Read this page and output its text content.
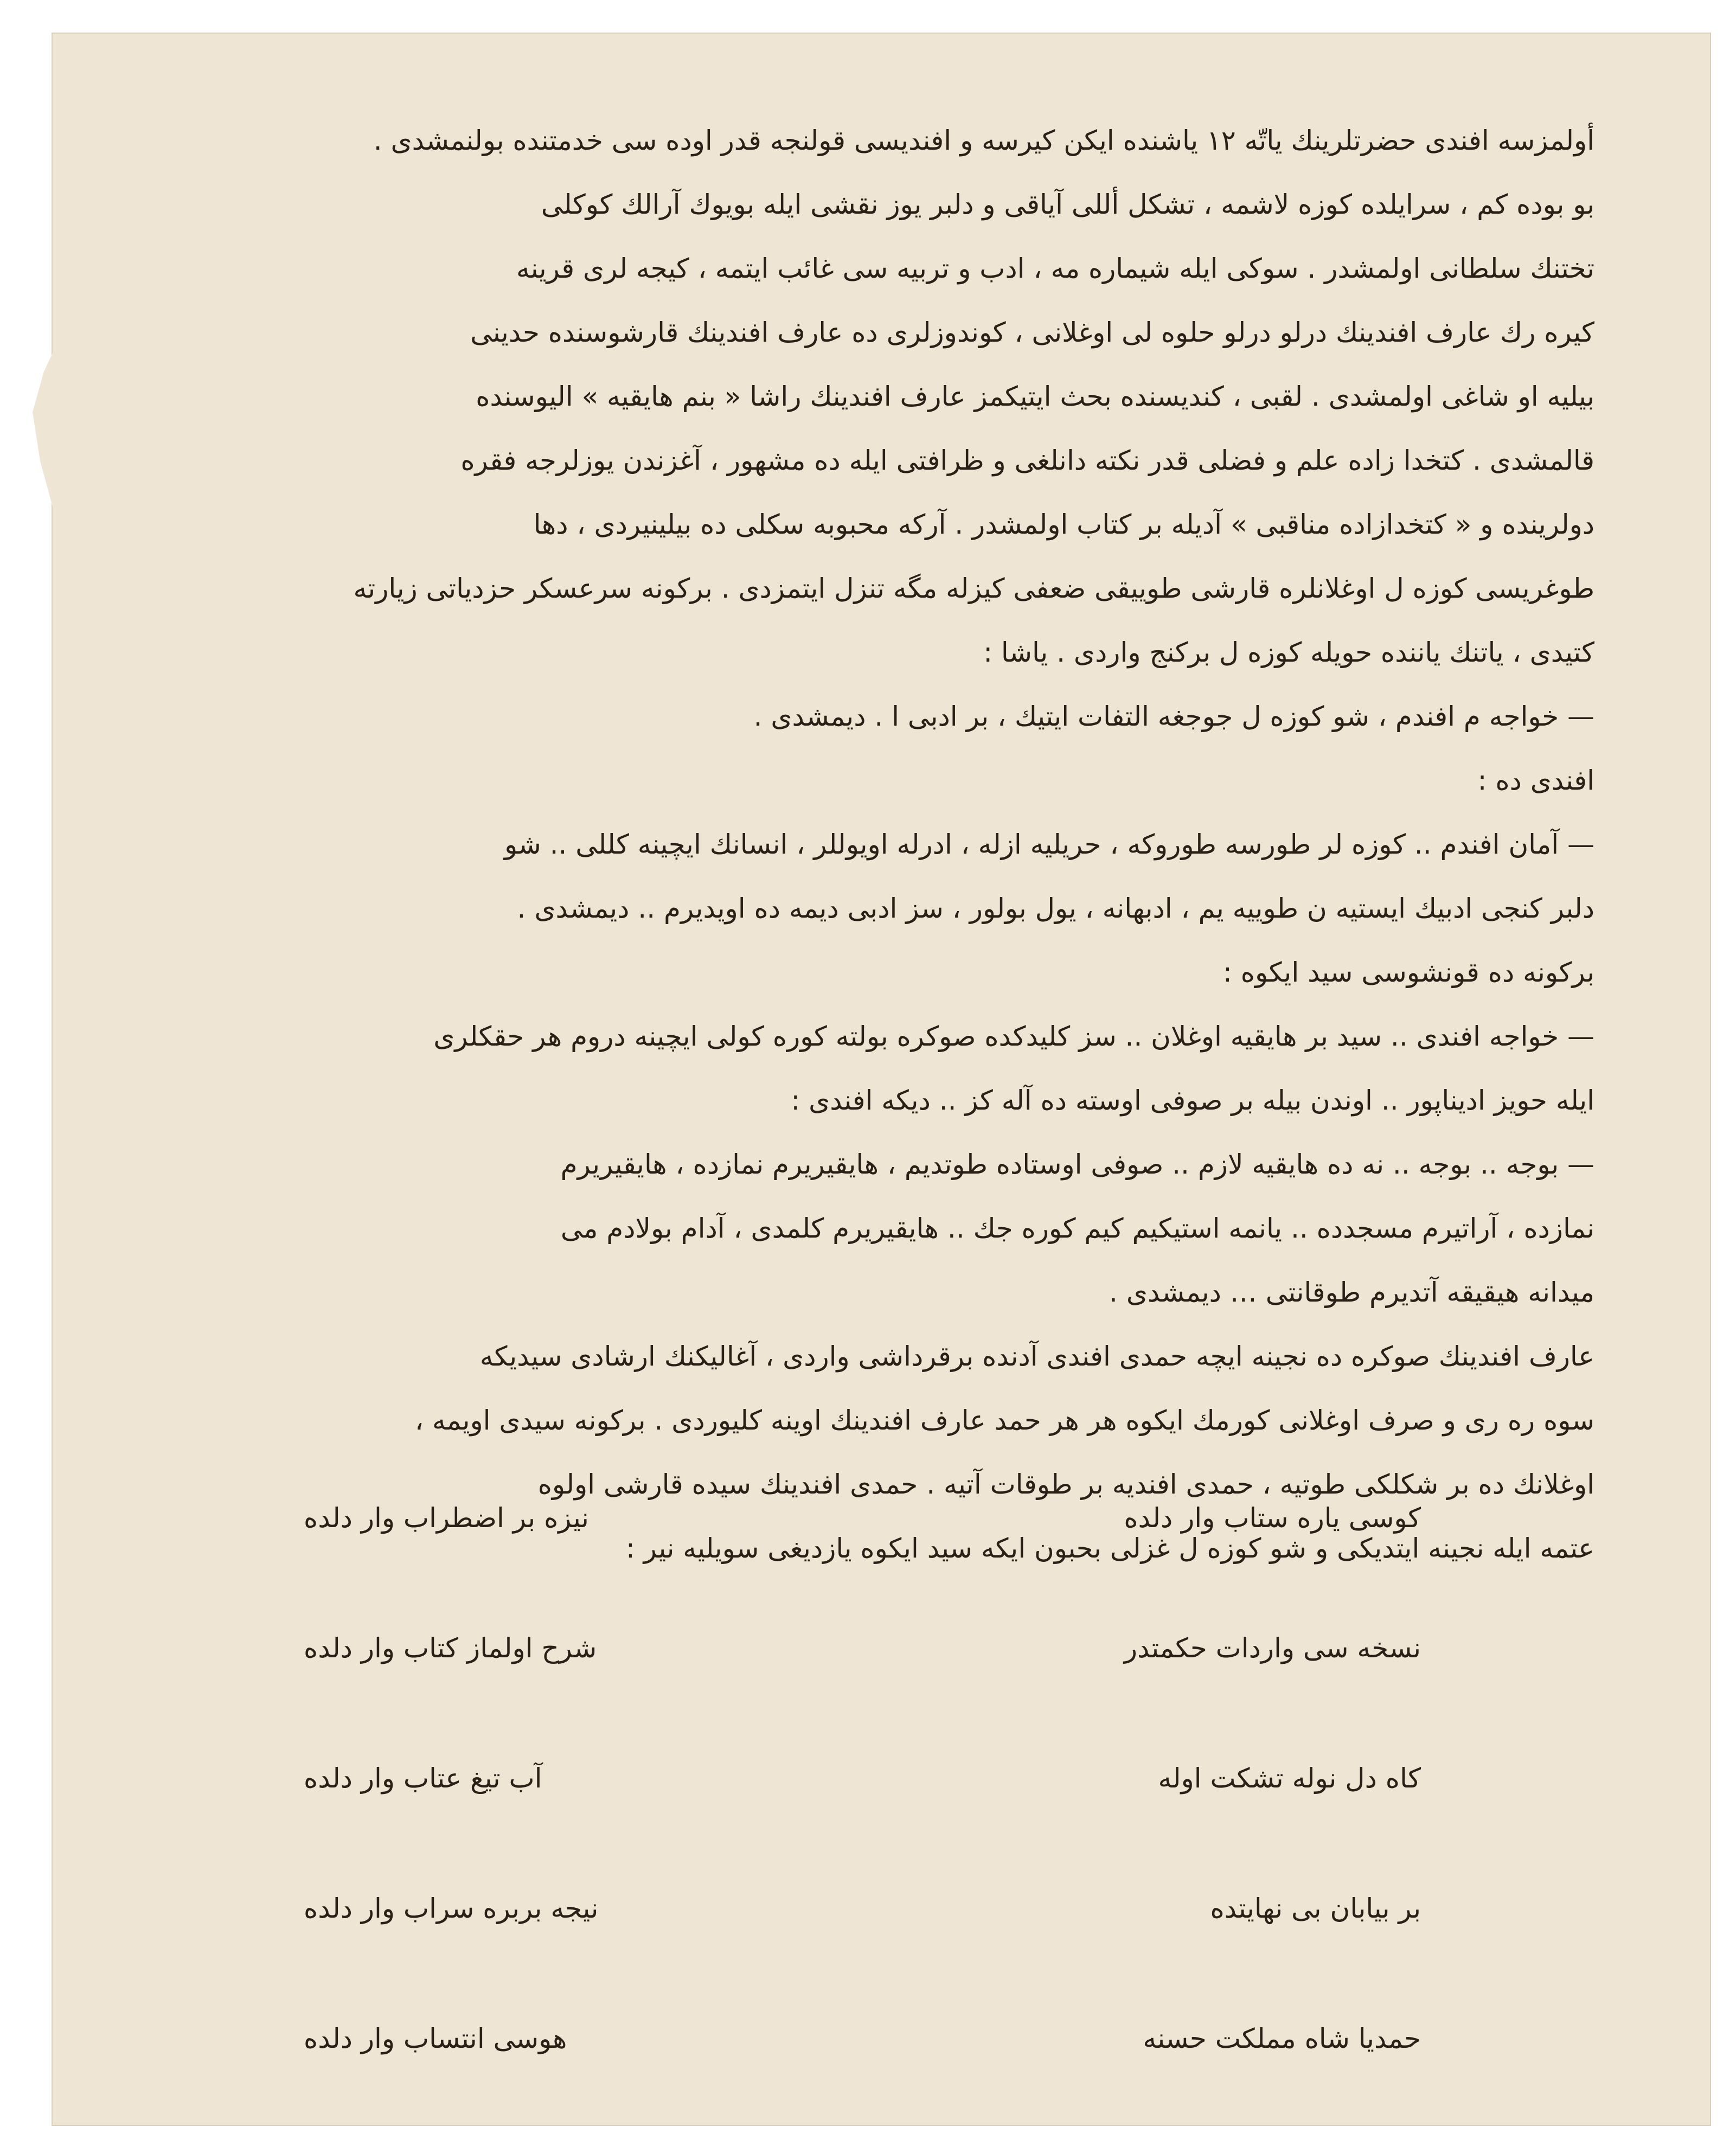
أولمزسه افندی حضرتلرینك یاتّه ١٢ یاشنده ایکن کیرسه و افندیسی قولنجه قدر اوده سی خدمتنده بولنمشدی .
بو بوده کم ، سرایلده کوزه لاشمه ، تشکل أللی آیاقی و دلبر یوز نقشی ایله بویوك آرالك کوکلی
تختنك سلطانی اولمشدر . سوکی ایله شیماره مه ، ادب و تربیه سی غائب ایتمه ، کیجه لری قرینه
کیره رك عارف افندینك درلو درلو حلوه لی اوغلانی ، کوندوزلری ده عارف افندینك قارشوسنده حدینی
بیلیه او شاغی اولمشدی . لقبی ، کندیسنده بحث ایتیکمز عارف افندینك راشا « بنم هایقیه » الیوسنده
قالمشدی . کتخدا زاده علم و فضلی قدر نکته دانلغی و ظرافتی ایله ده مشهور ، آغزندن یوزلرجه فقره
دولرینده و « کتخدازاده مناقبی » آدیله بر کتاب اولمشدر . آرکه محبوبه سکلی ده بیلینیردی ، دها
طوغریسی کوزه ل اوغلانلره قارشی طوییقی ضعفی کیزله مگه تنزل ایتمزدی . برکونه سرعسکر حزدیاتی زیارته
کتیدی ، یاتنك یاننده حویله کوزه ل برکنج واردی . یاشا :
— خواجه م افندم ، شو کوزه ل جوجغه التفات ایتیك ، بر ادبی ا . دیمشدی .
افندی ده :
— آمان افندم .. کوزه لر طورسه طوروکه ، حریلیه ازله ، ادرله اویوللر ، انسانك ایچینه کللی .. شو
دلبر کنجی ادبیك ایستیه ن طوییه یم ، ادبهانه ، یول بولور ، سز ادبی دیمه ده اویدیرم .. دیمشدی .
برکونه ده قونشوسی سید ایکوه :
— خواجه افندی .. سید بر هایقیه اوغلان .. سز کلیدکده صوکره بولته کوره کولی ایچینه دروم هر حقکلری
ایله حویز ادیناپور .. اوندن بیله بر صوفی اوسته ده آله کز .. دیکه افندی :
— بوجه .. بوجه .. نه ده هایقیه لازم .. صوفی اوستاده طوتدیم ، هایقیریرم نمازده ، هایقیریرم
نمازده ، آراتیرم مسجدده .. یانمه استیکیم کیم کوره جك .. هایقیریرم کلمدی ، آدام بولادم می
میدانه هیقیقه آتدیرم طوقانتی … دیمشدی .
عارف افندینك صوکره ده نجینه ایچه حمدی افندی آدنده برقرداشی واردی ، آغالیکنك ارشادی سیدیکه
سوه ره ری و صرف اوغلانی کورمك ایکوه هر هر حمد عارف افندینك اوینه کلیوردی . برکونه سیدی اویمه ،
اوغلانك ده بر شکلکی طوتیه ، حمدی افندیه بر طوقات آتیه . حمدی افندینك سیده قارشی اولوه
عتمه ایله نجینه ایتدیکی و شو کوزه ل غزلی بحبون ایکه سید ایکوه یازدیغی سویلیه نیر :
کوسی یاره ستاب وار دلده
نیزه بر اضطراب وار دلده
نسخه سی واردات حکمتدر
شرح اولماز کتاب وار دلده
کاه دل نوله تشکت اوله
آب تیغ عتاب وار دلده
بر بیابان بی نهایتده
نیجه بربره سراب وار دلده
حمدیا شاه مملکت حسنه
هوسی انتساب وار دلده
